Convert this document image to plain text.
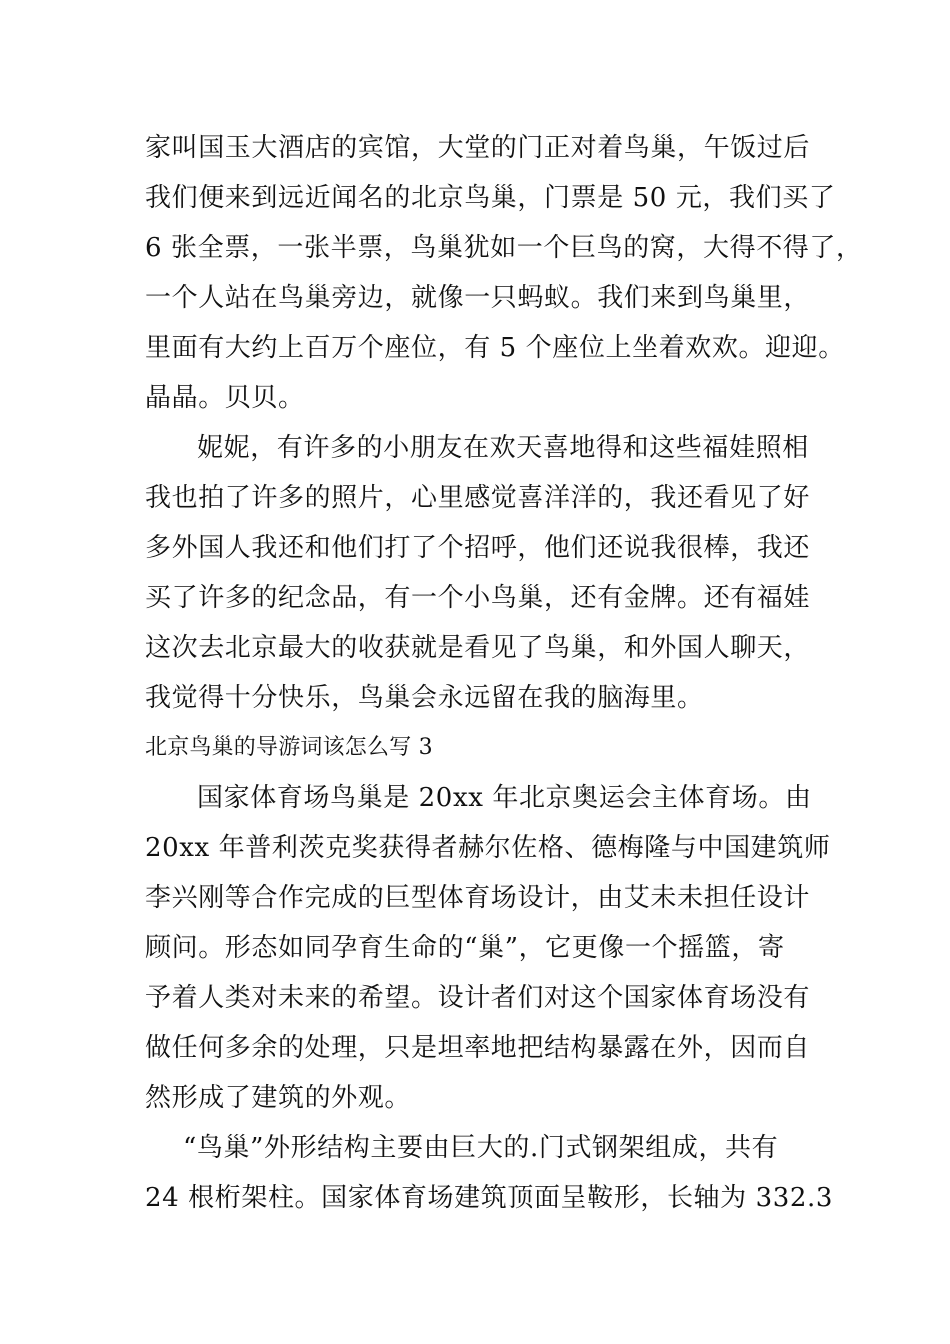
家叫国玉大酒店的宾馆，大堂的门正对着鸟巢，午饭过后
我们便来到远近闻名的北京鸟巢，门票是 50 元，我们买了
6 张全票，一张半票，鸟巢犹如一个巨鸟的窝，大得不得了，
一个人站在鸟巢旁边，就像一只蚂蚁。我们来到鸟巢里，
里面有大约上百万个座位，有 5 个座位上坐着欢欢。迎迎。
晶晶。贝贝。
妮妮，有许多的小朋友在欢天喜地得和这些福娃照相
我也拍了许多的照片，心里感觉喜洋洋的，我还看见了好
多外国人我还和他们打了个招呼，他们还说我很棒，我还
买了许多的纪念品，有一个小鸟巢，还有金牌。还有福娃
这次去北京最大的收获就是看见了鸟巢，和外国人聊天，
我觉得十分快乐，鸟巢会永远留在我的脑海里。
北京鸟巢的导游词该怎么写 3
国家体育场鸟巢是 20xx 年北京奥运会主体育场。由
20xx 年普利茨克奖获得者赫尔佐格、德梅隆与中国建筑师
李兴刚等合作完成的巨型体育场设计，由艾未未担任设计
顾问。形态如同孕育生命的“巢”，它更像一个摇篮，寄
予着人类对未来的希望。设计者们对这个国家体育场没有
做任何多余的处理，只是坦率地把结构暴露在外，因而自
然形成了建筑的外观。
“鸟巢”外形结构主要由巨大的.门式钢架组成，共有
24 根桁架柱。国家体育场建筑顶面呈鞍形，长轴为 332.3
